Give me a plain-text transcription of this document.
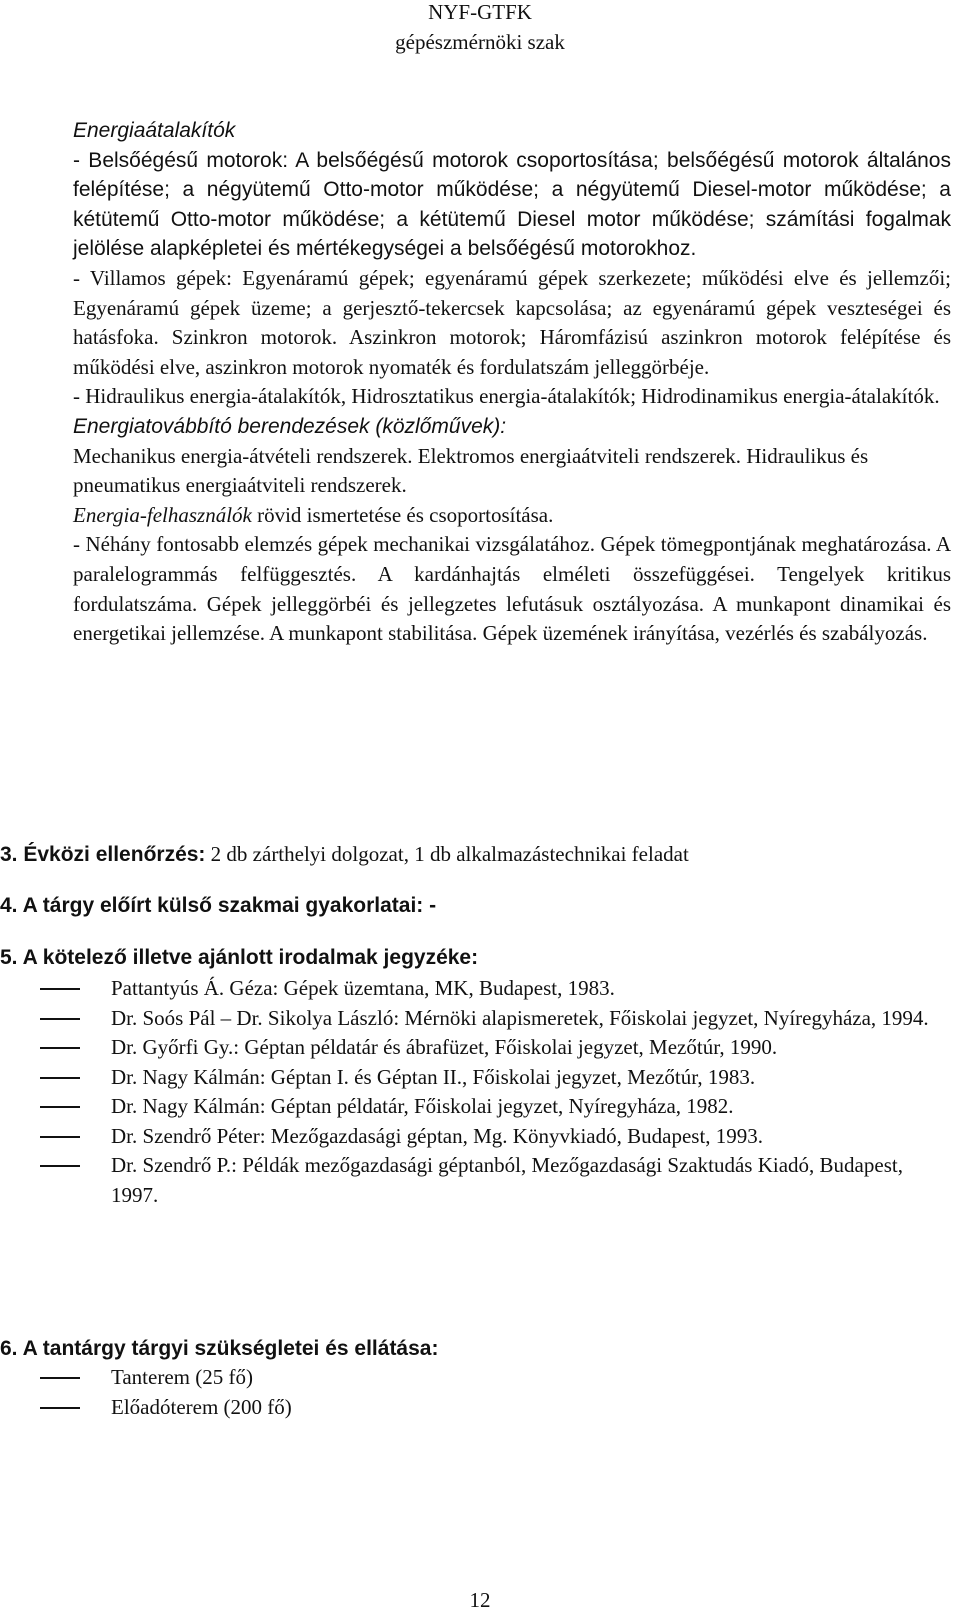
NYF-GTFK
gépészmérnöki szak

Energiaátalakítók

- Belsőégésű motorok: A belsőégésű motorok csoportosítása; belsőégésű motorok általános felépítése; a négyütemű Otto-motor működése; a négyütemű Diesel-motor működése; a kétütemű Otto-motor működése; a kétütemű Diesel motor működése; számítási fogalmak jelölése alapképletei és mértékegységei a belsőégésű motorokhoz.

- Villamos gépek: Egyenáramú gépek; egyenáramú gépek szerkezete; működési elve és jellemzői; Egyenáramú gépek üzeme; a gerjesztő-tekercsek kapcsolása; az egyenáramú gépek veszteségei és hatásfoka. Szinkron motorok. Aszinkron motorok; Háromfázisú aszinkron motorok felépítése és működési elve, aszinkron motorok nyomaték és fordulatszám jelleggörbéje.

- Hidraulikus energia-átalakítók, Hidrosztatikus energia-átalakítók; Hidrodinamikus energia-átalakítók.

Energiatovábbító berendezések (közlőművek):

Mechanikus energia-átvételi rendszerek. Elektromos energiaátviteli rendszerek. Hidraulikus és pneumatikus energiaátviteli rendszerek.

Energia-felhasználók rövid ismertetése és csoportosítása.

- Néhány fontosabb elemzés gépek mechanikai vizsgálatához. Gépek tömegpontjának meghatározása. A paralelogrammás felfüggesztés. A kardánhajtás elméleti összefüggései. Tengelyek kritikus fordulatszáma. Gépek jelleggörbéi és jellegzetes lefutásuk osztályozása. A munkapont dinamikai és energetikai jellemzése. A munkapont stabilitása. Gépek üzemének irányítása, vezérlés és szabályozás.

3. Évközi ellenőrzés: 2 db zárthelyi dolgozat, 1 db alkalmazástechnikai feladat
4. A tárgy előírt külső szakmai gyakorlatai: -
5. A kötelező illetve ajánlott irodalmak jegyzéke:
Pattantyús Á. Géza: Gépek üzemtana, MK, Budapest, 1983.
Dr. Soós Pál – Dr. Sikolya László: Mérnöki alapismeretek, Főiskolai jegyzet, Nyíregyháza, 1994.
Dr. Győrfi Gy.: Géptan példatár és ábrafüzet, Főiskolai jegyzet, Mezőtúr, 1990.
Dr. Nagy Kálmán: Géptan I. és Géptan II., Főiskolai jegyzet, Mezőtúr, 1983.
Dr. Nagy Kálmán: Géptan példatár, Főiskolai jegyzet, Nyíregyháza, 1982.
Dr. Szendrő Péter: Mezőgazdasági géptan, Mg. Könyvkiadó, Budapest, 1993.
Dr. Szendrő P.: Példák mezőgazdasági géptanból, Mezőgazdasági Szaktudás Kiadó, Budapest, 1997.
6. A tantárgy tárgyi szükségletei és ellátása:
Tanterem (25 fő)
Előadóterem (200 fő)
12
